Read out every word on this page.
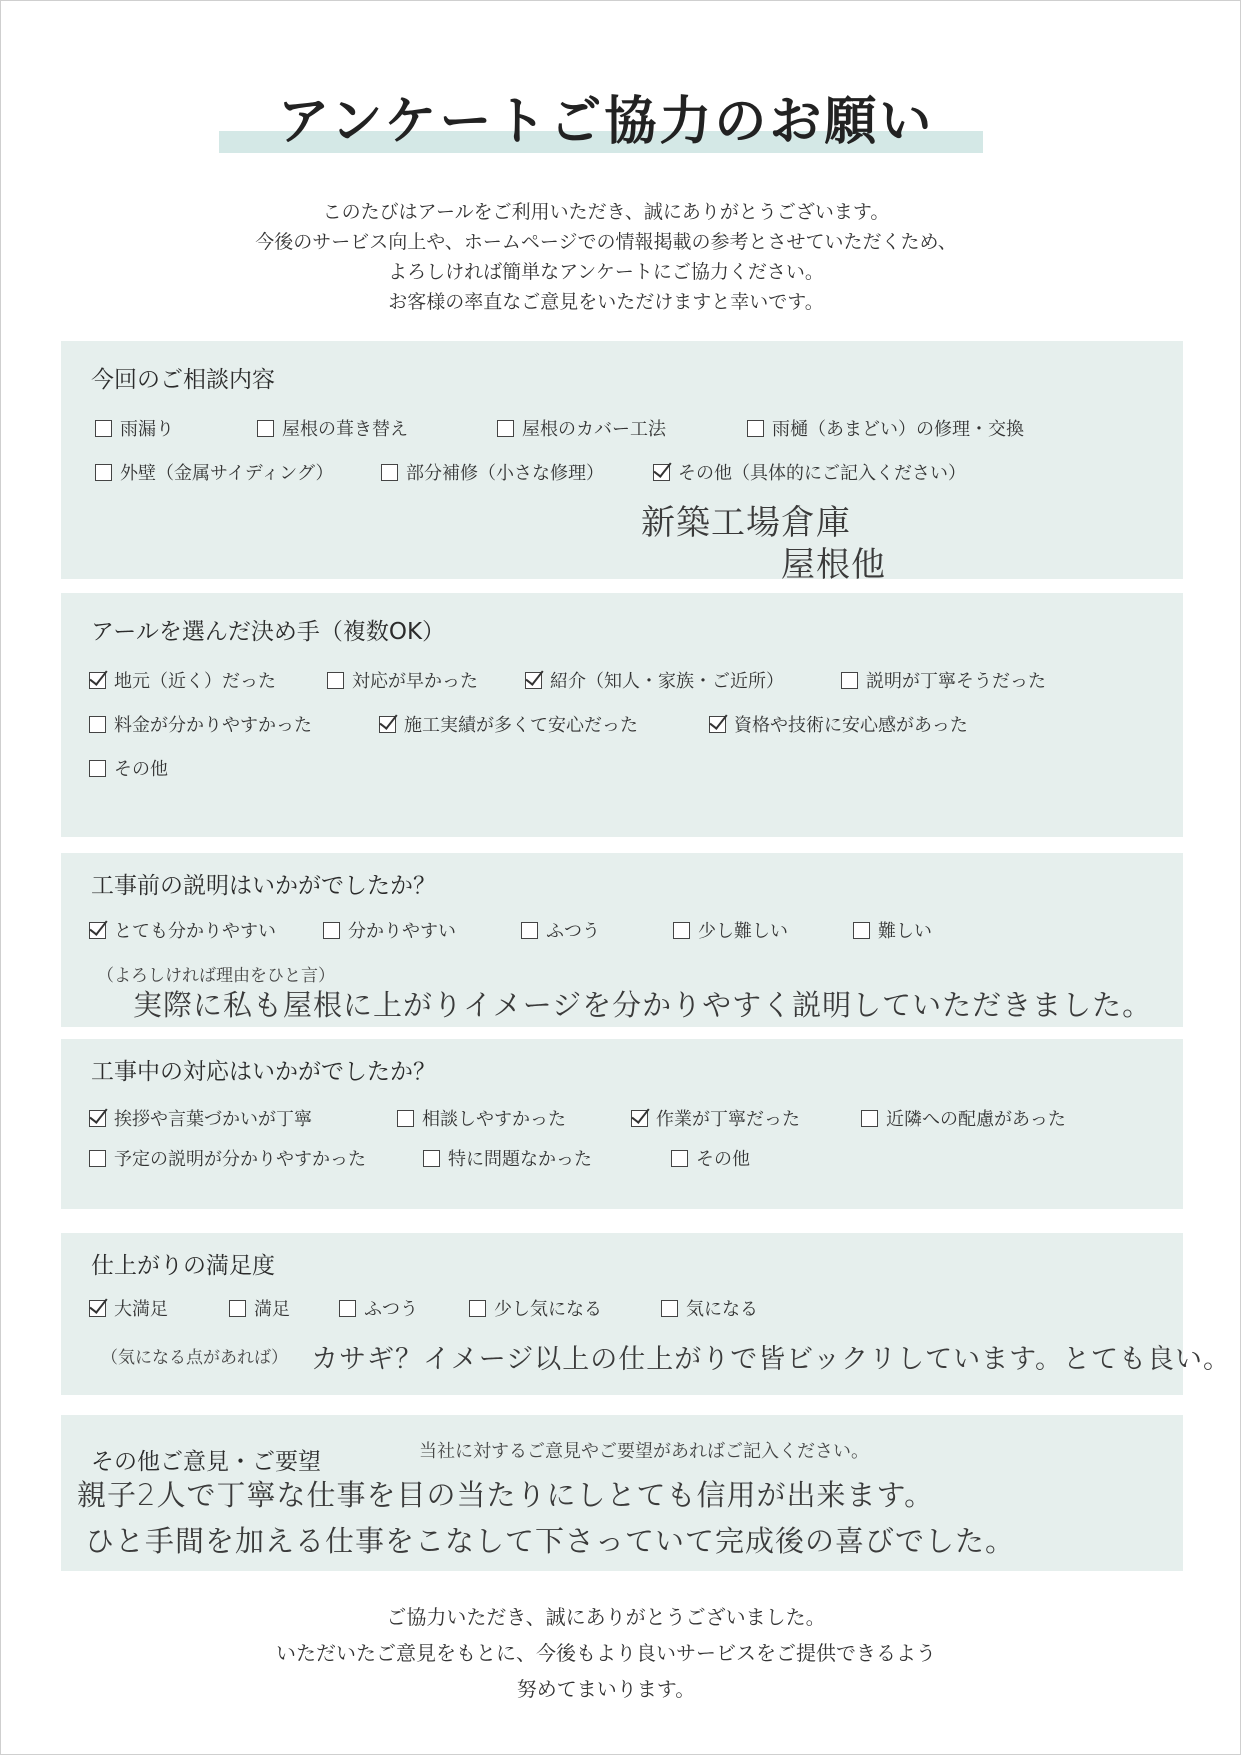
アンケートご協力のお願い
このたびはアールをご利用いただき、誠にありがとうございます。
今後のサービス向上や、ホームページでの情報掲載の参考とさせていただくため、
よろしければ簡単なアンケートにご協力ください。
お客様の率直なご意見をいただけますと幸いです。
今回のご相談内容
雨漏り	屋根の葺き替え	屋根のカバー工法	雨樋（あまどい）の修理・交換
外壁（金属サイディング）	部分補修（小さな修理）	その他（具体的にご記入ください）
新築工場倉庫
屋根他
アールを選んだ決め手（複数OK）
地元（近く）だった	対応が早かった	紹介（知人・家族・ご近所）	説明が丁寧そうだった
料金が分かりやすかった	施工実績が多くて安心だった	資格や技術に安心感があった
その他
工事前の説明はいかがでしたか？
とても分かりやすい	分かりやすい	ふつう	少し難しい	難しい
（よろしければ理由をひと言）
実際に私も屋根に上がりイメージを分かりやすく説明していただきました。
工事中の対応はいかがでしたか？
挨拶や言葉づかいが丁寧	相談しやすかった	作業が丁寧だった	近隣への配慮があった
予定の説明が分かりやすかった	特に問題なかった	その他
仕上がりの満足度
大満足	満足	ふつう	少し気になる	気になる
（気になる点があれば） カサギ？イメージ以上の仕上がりで皆ビックリしています。とても良い。
その他ご意見・ご要望	当社に対するご意見やご要望があればご記入ください。
親子2人で丁寧な仕事を目の当たりにしとても信用が出来ます。
ひと手間を加える仕事をこなして下さっていて完成後の喜びでした。
ご協力いただき、誠にありがとうございました。
いただいたご意見をもとに、今後もより良いサービスをご提供できるよう
努めてまいります。
